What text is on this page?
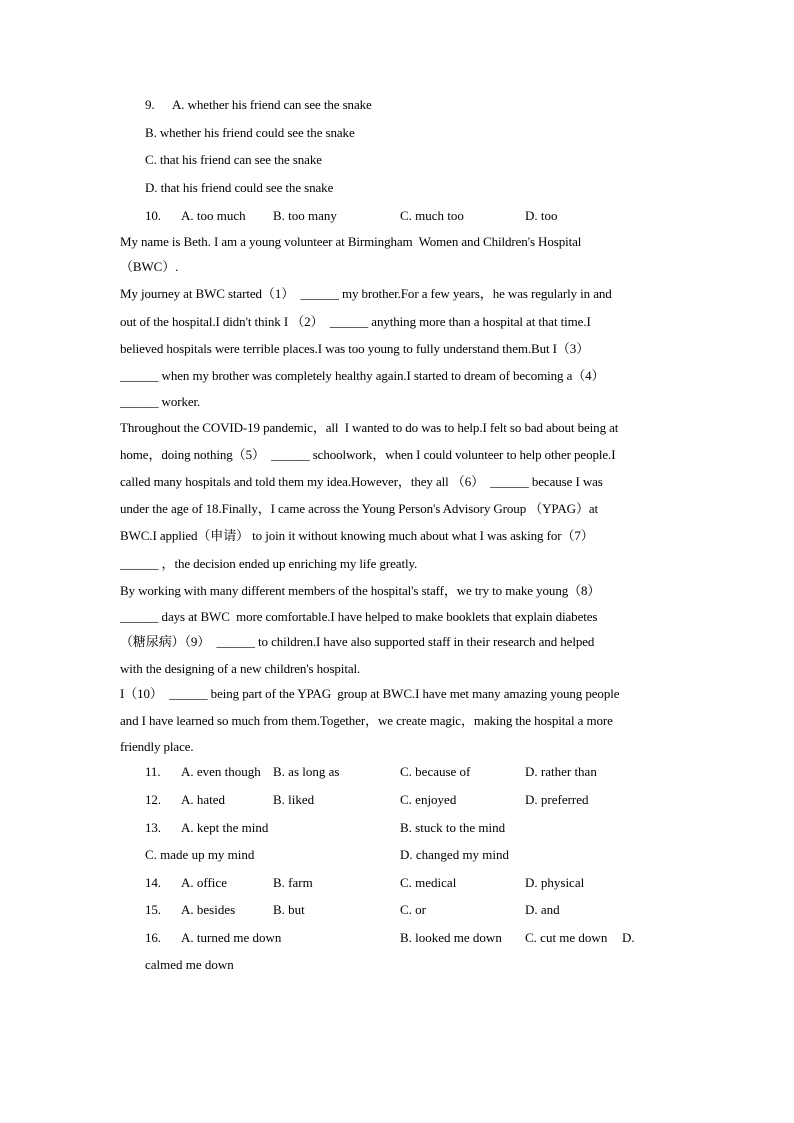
9. A. whether his friend can see the snake
B. whether his friend could see the snake
C. that his friend can see the snake
D. that his friend could see the snake
10. A. too much B. too many	C. much too	D. too
My name is Beth. I am a young volunteer at Birmingham  Women and Children's Hospital
（BWC）.
My journey at BWC started（1）  ______ my brother.For a few years，he was regularly in and
out of the hospital.I didn't think I （2）  ______ anything more than a hospital at that time.I
believed hospitals were terrible places.I was too young to fully understand them.But I（3）
______ when my brother was completely healthy again.I started to dream of becoming a（4）
______ worker.
Throughout the COVID-19 pandemic，all  I wanted to do was to help.I felt so bad about being at
home，doing nothing（5）  ______ schoolwork，when I could volunteer to help other people.I
called many hospitals and told them my idea.However，they all （6）  ______ because I was
under the age of 18.Finally，I came across the Young Person's Advisory Group （YPAG）at
BWC.I applied（申请） to join it without knowing much about what I was asking for（7）
______ ，the decision ended up enriching my life greatly.
By working with many different members of the hospital's staff，we try to make young（8）
______ days at BWC  more comfortable.I have helped to make booklets that explain diabetes
（糖尿病）（9）  ______ to children.I have also supported staff in their research and helped
with the designing of a new children's hospital.
I（10）  ______ being part of the YPAG  group at BWC.I have met many amazing young people
and I have learned so much from them.Together，we create magic，making the hospital a more
friendly place.
11. A. even though B. as long as	C. because of	D. rather than
12. A. hated	B. liked	C. enjoyed	D. preferred
13. A. kept the mind	B. stuck to the mind
C. made up my mind	D. changed my mind
14. A. office	B. farm	C. medical	D. physical
15. A. besides	B. but	C. or	D. and
16. A. turned me down	B. looked me down C. cut me down D.
calmed me down
